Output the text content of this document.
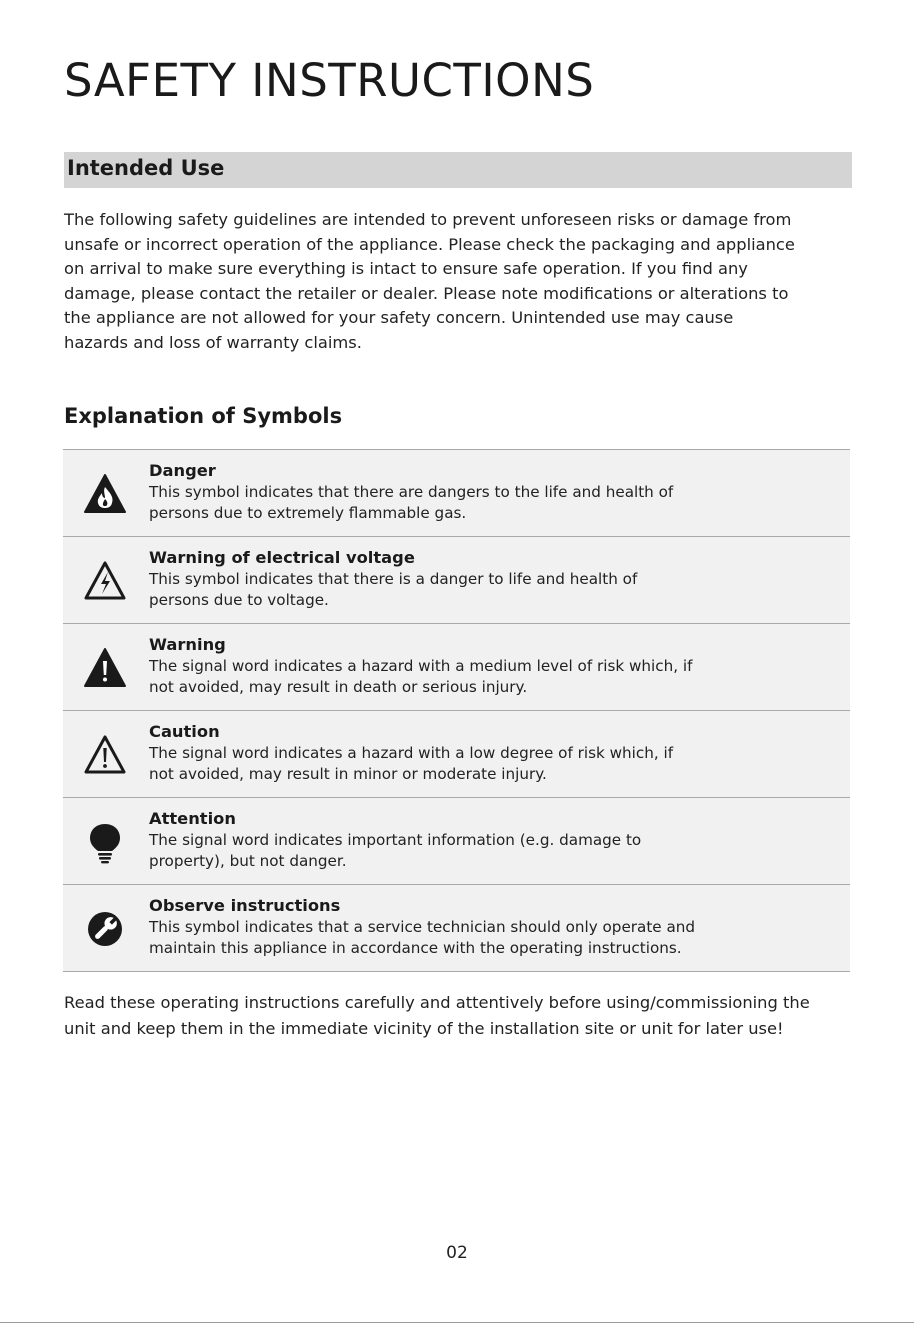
SAFETY INSTRUCTIONS
Intended Use
The following safety guidelines are intended to prevent unforeseen risks or damage from
unsafe or incorrect operation of the appliance. Please check the packaging and appliance
on arrival to make sure everything is intact to ensure safe operation. If you find any
damage, please contact the retailer or dealer. Please note modifications or alterations to
the appliance are not allowed for your safety concern. Unintended use may cause
hazards and loss of warranty claims.
Explanation of Symbols
Danger
This symbol indicates that there are dangers to the life and health of
persons due to extremely flammable gas.
Warning of electrical voltage
This symbol indicates that there is a danger to life and health of
persons due to voltage.
Warning
The signal word indicates a hazard with a medium level of risk which, if
not avoided, may result in death or serious injury.
Caution
The signal word indicates a hazard with a low degree of risk which, if
not avoided, may result in minor or moderate injury.
Attention
The signal word indicates important information (e.g. damage to
property), but not danger.
Observe instructions
This symbol indicates that a service technician should only operate and
maintain this appliance in accordance with the operating instructions.
Read these operating instructions carefully and attentively before using/commissioning the
unit and keep them in the immediate vicinity of the installation site or unit for later use!
02
